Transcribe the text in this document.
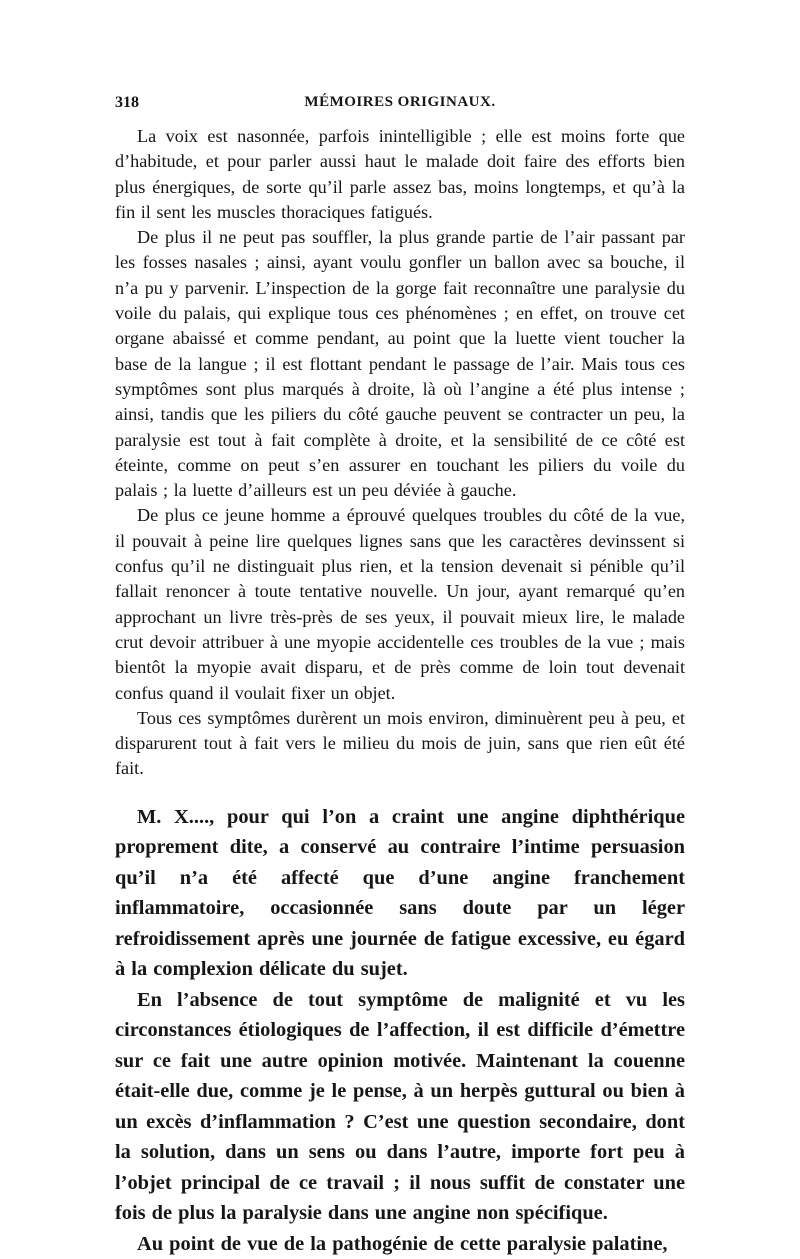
318	MÉMOIRES ORIGINAUX.

La voix est nasonnée, parfois inintelligible ; elle est moins forte que d’habitude, et pour parler aussi haut le malade doit faire des efforts bien plus énergiques, de sorte qu’il parle assez bas, moins longtemps, et qu’à la fin il sent les muscles thoraciques fatigués.

De plus il ne peut pas souffler, la plus grande partie de l’air passant par les fosses nasales ; ainsi, ayant voulu gonfler un ballon avec sa bouche, il n’a pu y parvenir. L’inspection de la gorge fait reconnaître une paralysie du voile du palais, qui explique tous ces phénomènes ; en effet, on trouve cet organe abaissé et comme pendant, au point que la luette vient toucher la base de la langue ; il est flottant pendant le passage de l’air. Mais tous ces symptômes sont plus marqués à droite, là où l’angine a été plus intense ; ainsi, tandis que les piliers du côté gauche peuvent se contracter un peu, la paralysie est tout à fait complète à droite, et la sensibilité de ce côté est éteinte, comme on peut s’en assurer en touchant les piliers du voile du palais ; la luette d’ailleurs est un peu déviée à gauche.

De plus ce jeune homme a éprouvé quelques troubles du côté de la vue, il pouvait à peine lire quelques lignes sans que les caractères devinssent si confus qu’il ne distinguait plus rien, et la tension devenait si pénible qu’il fallait renoncer à toute tentative nouvelle. Un jour, ayant remarqué qu’en approchant un livre très-près de ses yeux, il pouvait mieux lire, le malade crut devoir attribuer à une myopie accidentelle ces troubles de la vue ; mais bientôt la myopie avait disparu, et de près comme de loin tout devenait confus quand il voulait fixer un objet.

Tous ces symptômes durèrent un mois environ, diminuèrent peu à peu, et disparurent tout à fait vers le milieu du mois de juin, sans que rien eût été fait.

M. X...., pour qui l’on a craint une angine diphthérique proprement dite, a conservé au contraire l’intime persuasion qu’il n’a été affecté que d’une angine franchement inflammatoire, occasionnée sans doute par un léger refroidissement après une journée de fatigue excessive, eu égard à la complexion délicate du sujet.

En l’absence de tout symptôme de malignité et vu les circonstances étiologiques de l’affection, il est difficile d’émettre sur ce fait une autre opinion motivée. Maintenant la couenne était-elle due, comme je le pense, à un herpès guttural ou bien à un excès d’inflammation ? C’est une question secondaire, dont la solution, dans un sens ou dans l’autre, importe fort peu à l’objet principal de ce travail ; il nous suffit de constater une fois de plus la paralysie dans une angine non spécifique.

Au point de vue de la pathogénie de cette paralysie palatine,
